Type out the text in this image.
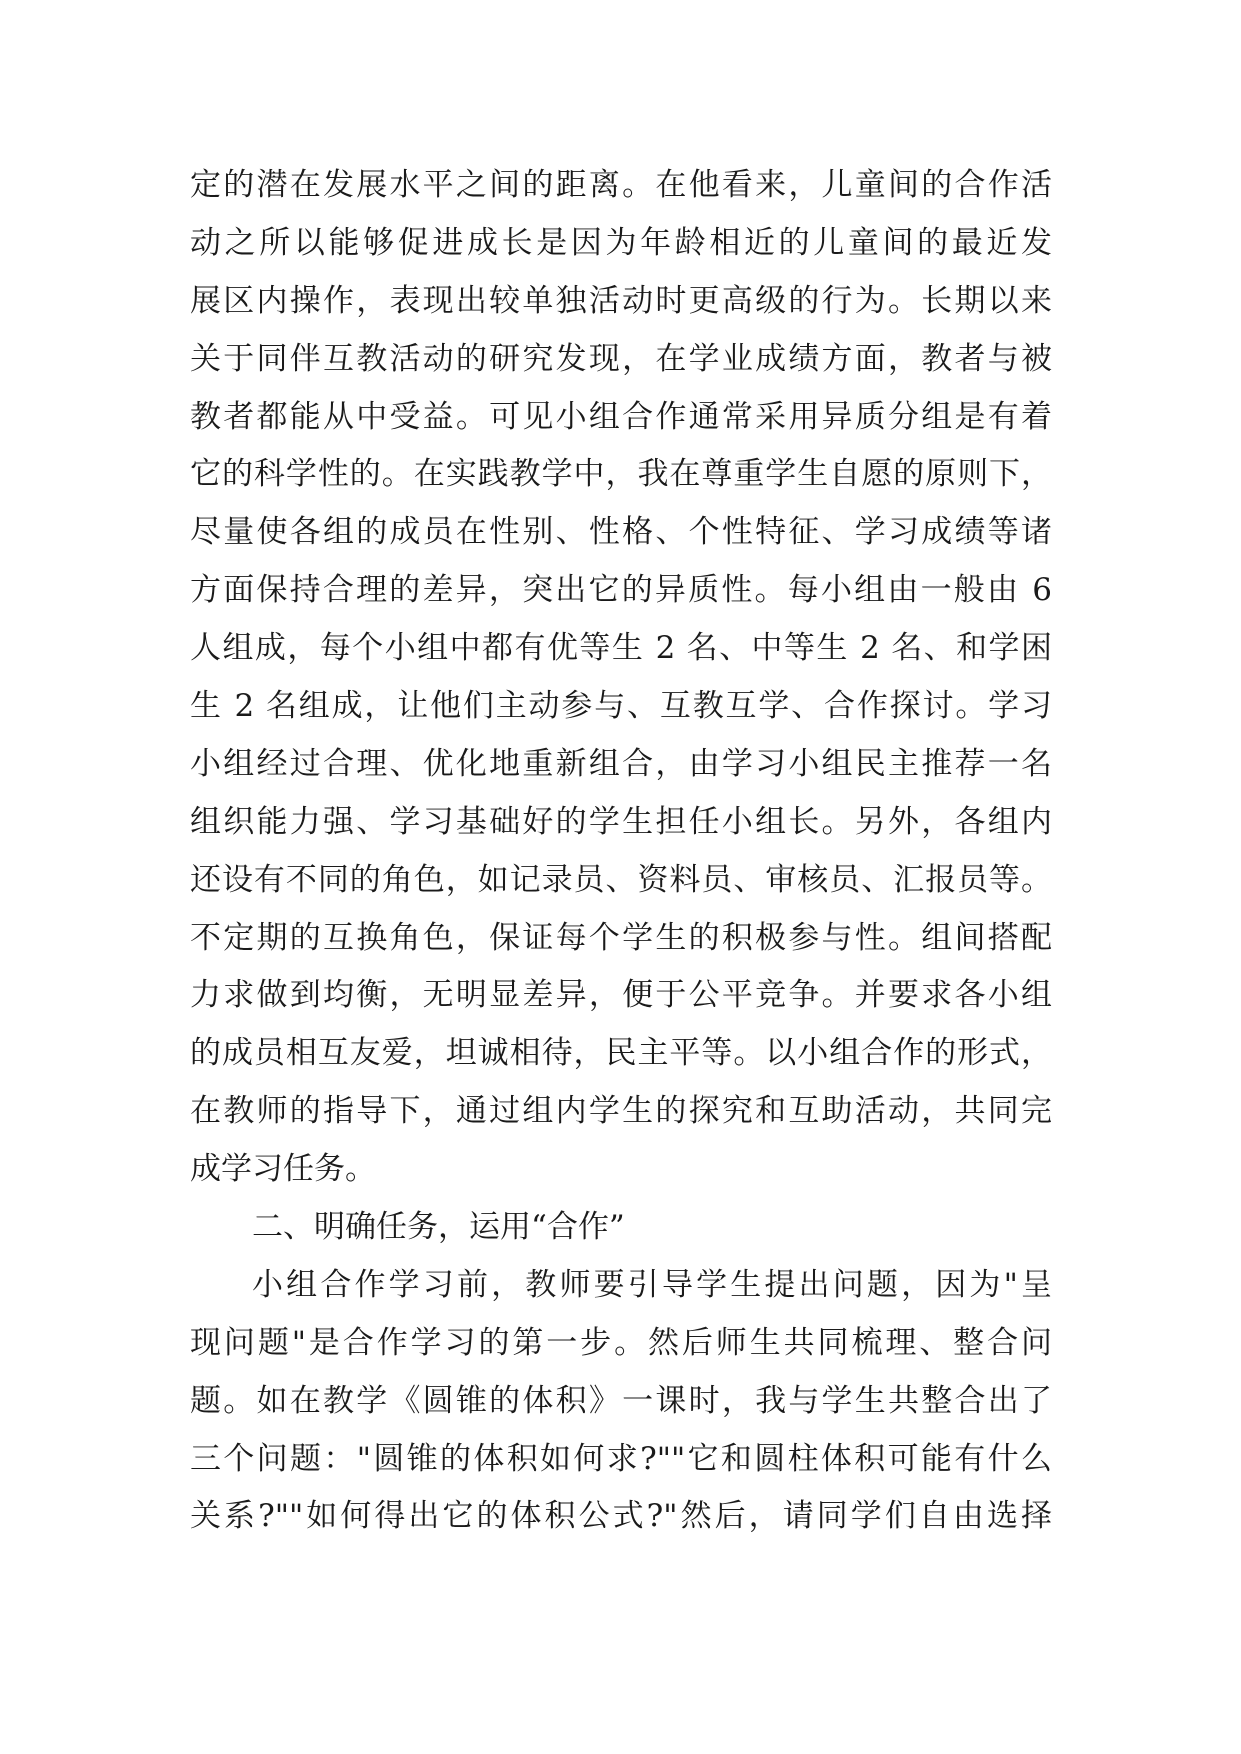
定的潜在发展水平之间的距离。在他看来，儿童间的合作活
动之所以能够促进成长是因为年龄相近的儿童间的最近发
展区内操作，表现出较单独活动时更高级的行为。长期以来
关于同伴互教活动的研究发现，在学业成绩方面，教者与被
教者都能从中受益。可见小组合作通常采用异质分组是有着
它的科学性的。在实践教学中，我在尊重学生自愿的原则下，
尽量使各组的成员在性别、性格、个性特征、学习成绩等诸
方面保持合理的差异，突出它的异质性。每小组由一般由 6
人组成，每个小组中都有优等生 2 名、中等生 2 名、和学困
生 2 名组成，让他们主动参与、互教互学、合作探讨。学习
小组经过合理、优化地重新组合，由学习小组民主推荐一名
组织能力强、学习基础好的学生担任小组长。另外，各组内
还设有不同的角色，如记录员、资料员、审核员、汇报员等。
不定期的互换角色，保证每个学生的积极参与性。组间搭配
力求做到均衡，无明显差异，便于公平竞争。并要求各小组
的成员相互友爱，坦诚相待，民主平等。以小组合作的形式，
在教师的指导下，通过组内学生的探究和互助活动，共同完
成学习任务。
二、明确任务，运用“合作”
小组合作学习前，教师要引导学生提出问题，因为"呈
现问题"是合作学习的第一步。然后师生共同梳理、整合问
题。如在教学《圆锥的体积》一课时，我与学生共整合出了
三个问题："圆锥的体积如何求?""它和圆柱体积可能有什么
关系?""如何得出它的体积公式?"然后，请同学们自由选择
